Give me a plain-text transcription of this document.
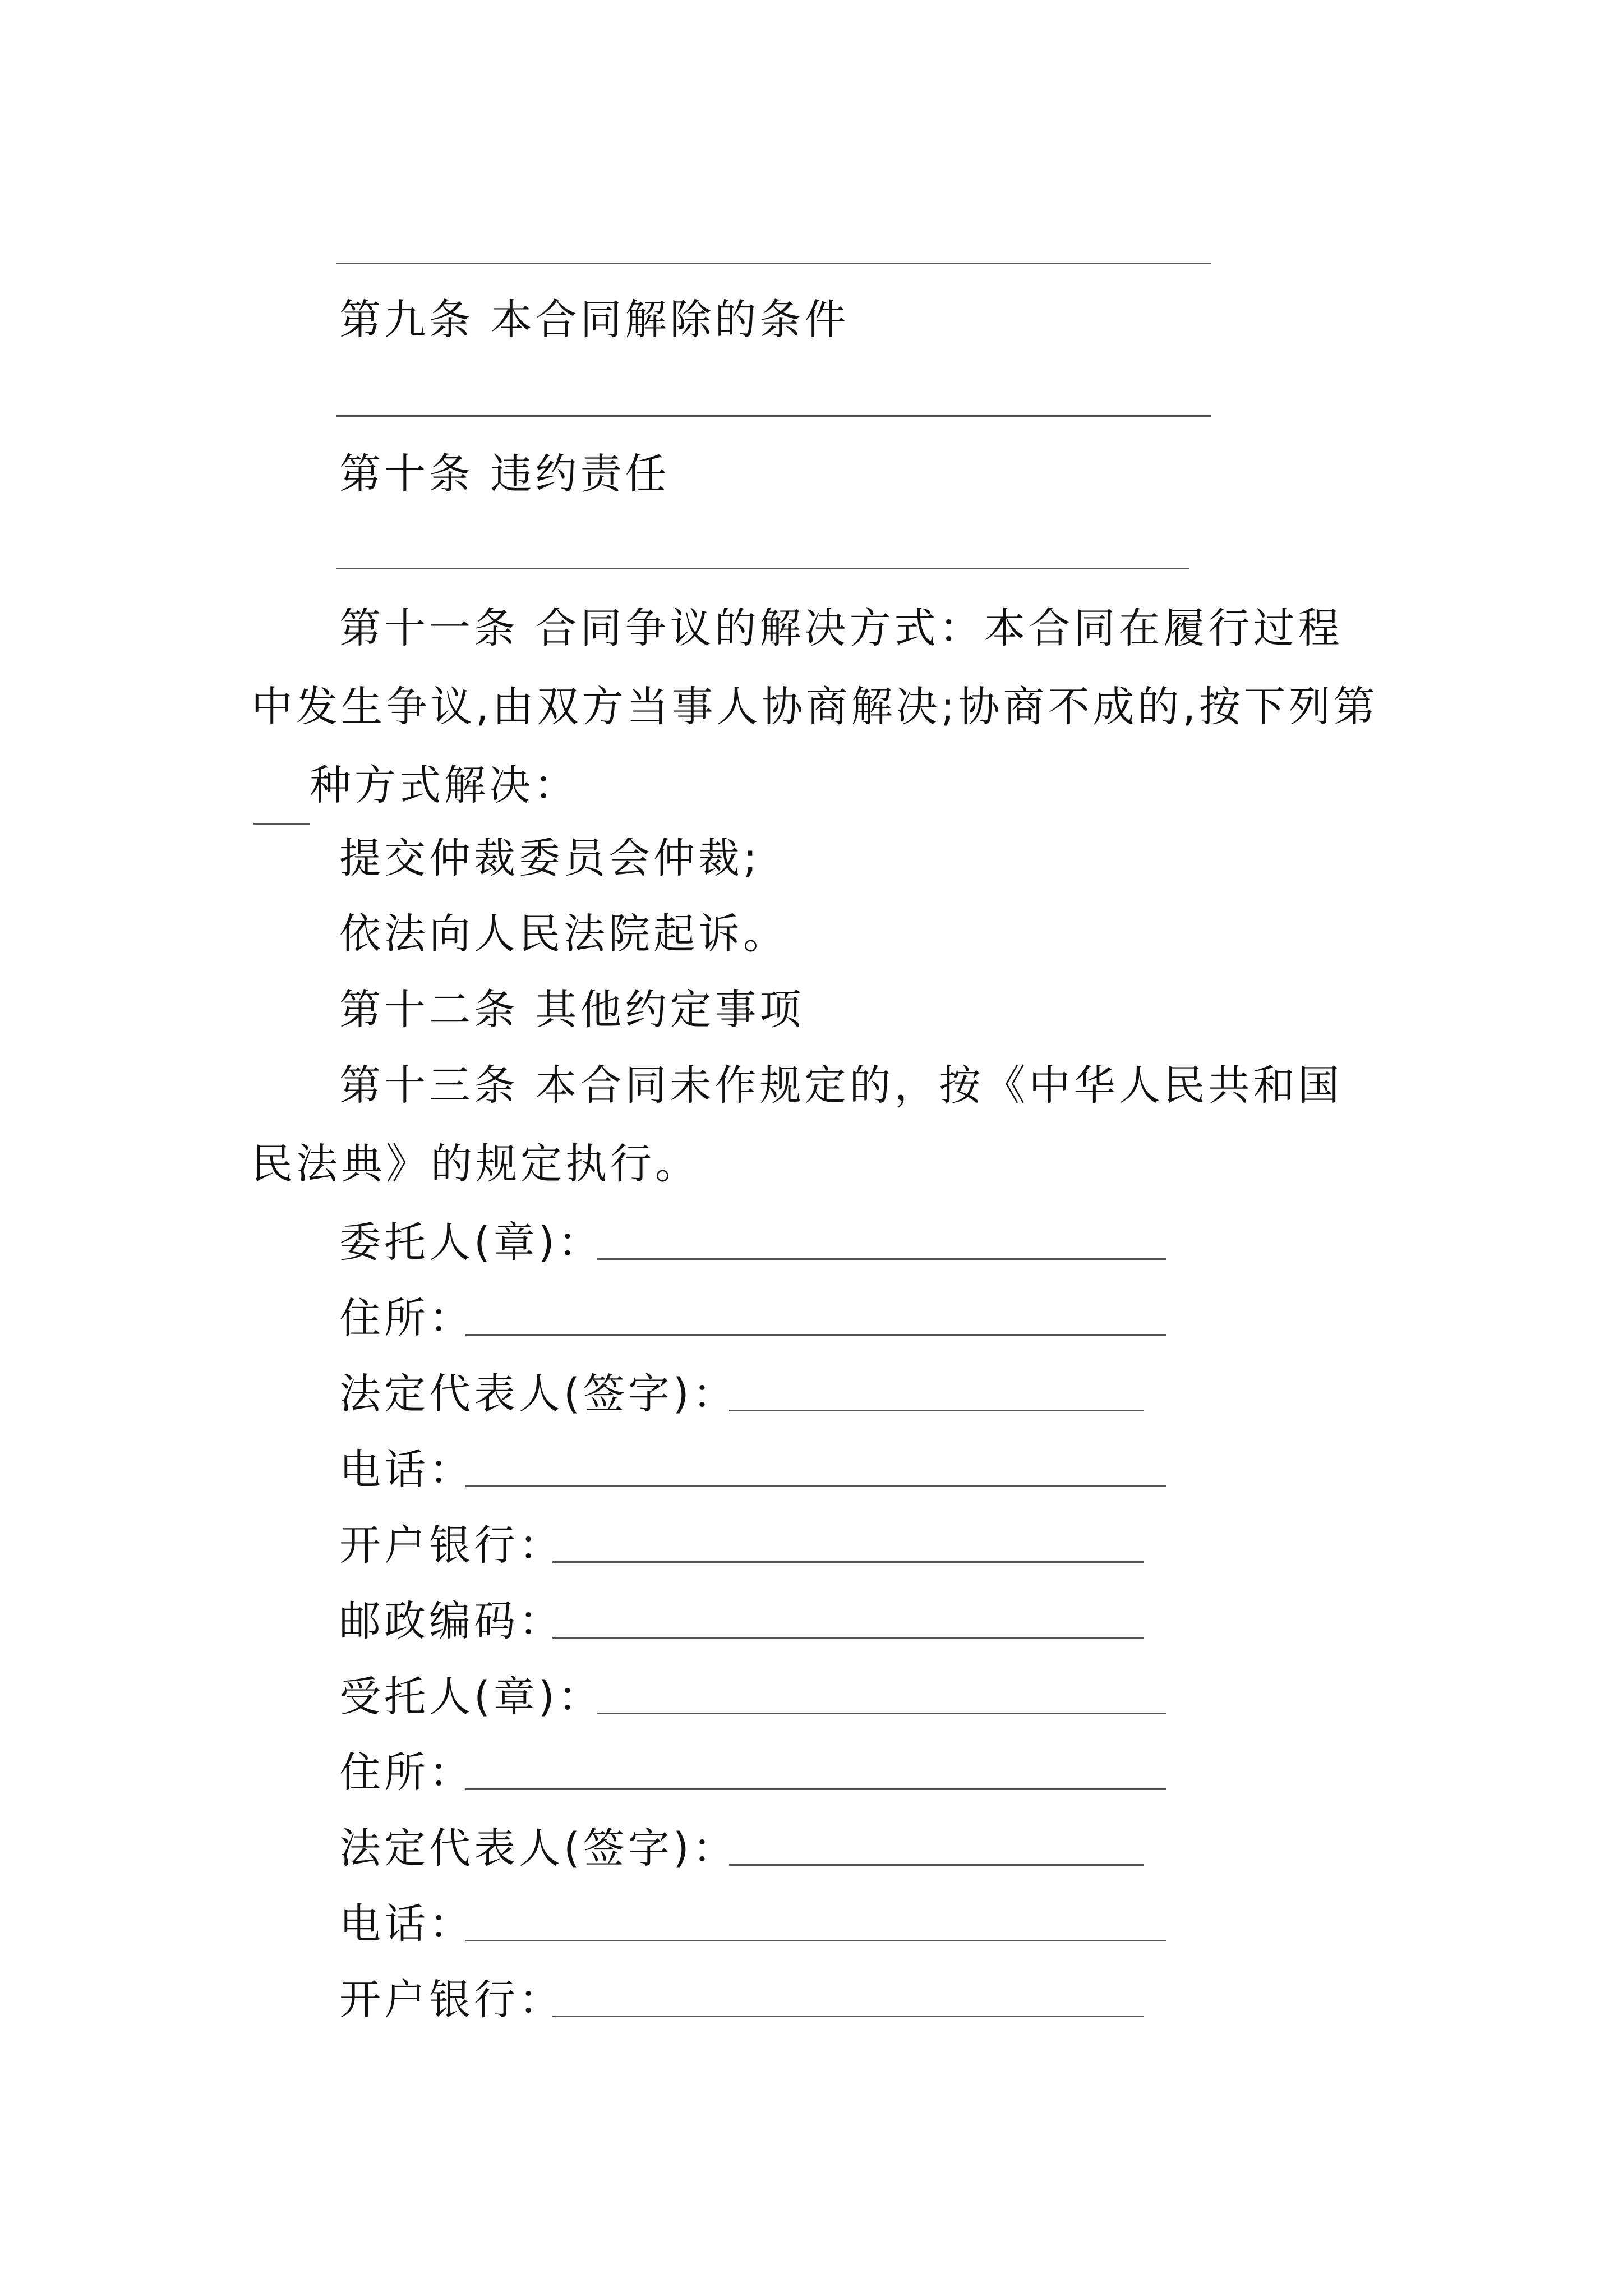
第九条 本合同解除的条件
第十条 违约责任
第十一条 合同争议的解决方式：本合同在履行过程中发生争议,由双方当事人协商解决;协商不成的,按下列第种方式解决：
提交仲裁委员会仲裁;
依法向人民法院起诉。
第十二条 其他约定事项
第十三条 本合同未作规定的，按《中华人民共和国民法典》的规定执行。
委托人(章)：
住所：
法定代表人(签字)：
电话：
开户银行：
邮政编码：
受托人(章)：
住所：
法定代表人(签字)：
电话：
开户银行：
